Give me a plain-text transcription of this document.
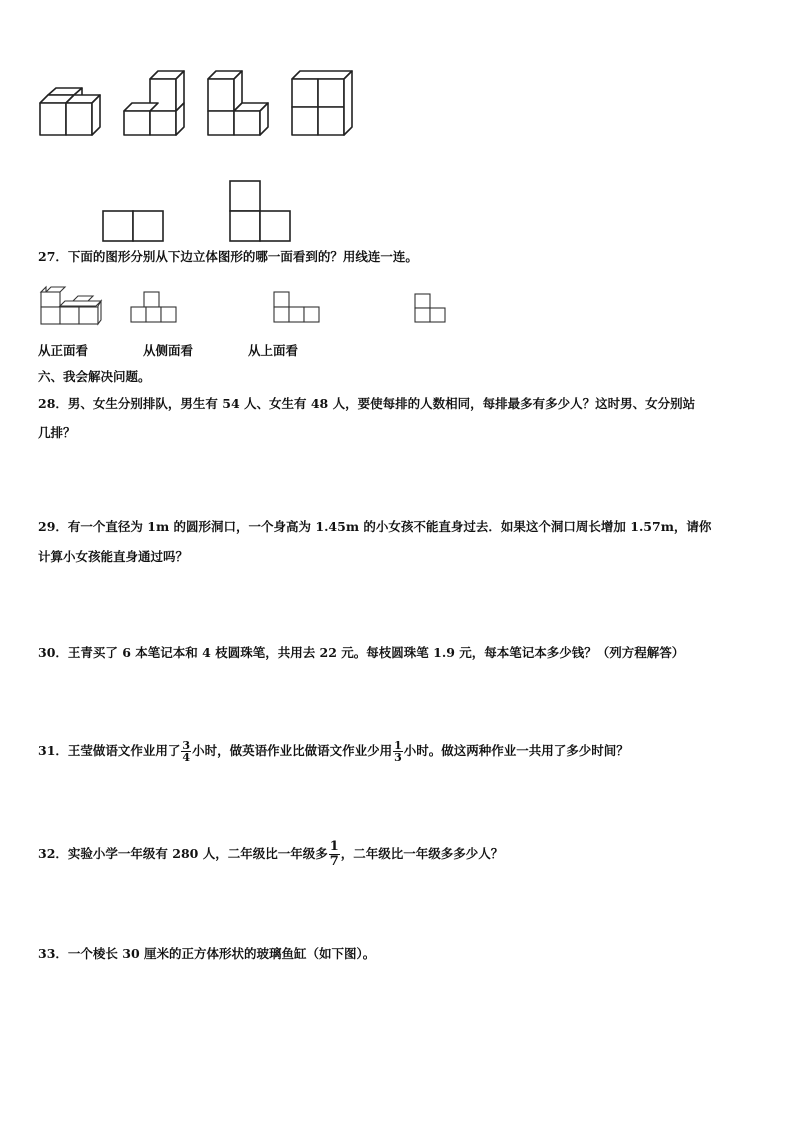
27．下面的图形分别从下边立体图形的哪一面看到的？用线连一连。
从正面看	从侧面看	从上面看
六、我会解决问题。
28．男、女生分别排队，男生有 54 人、女生有 48 人，要使每排的人数相同，每排最多有多少人？这时男、女分别站
几排？
29．有一个直径为 1m 的圆形洞口，一个身高为 1.45m 的小女孩不能直身过去．如果这个洞口周长增加 1.57m，请你
计算小女孩能直身通过吗？
30．王青买了 6 本笔记本和 4 枝圆珠笔，共用去 22 元。每枝圆珠笔 1.9 元，每本笔记本多少钱？（列方程解答）
31．王莹做语文作业用了 $\frac{3}{4}$ 小时，做英语作业比做语文作业少用 $\frac{1}{3}$ 小时。做这两种作业一共用了多少时间？
32．实验小学一年级有 280 人，二年级比一年级多 $\frac{1}{7}$ ，二年级比一年级多多少人？
33．一个棱长 30 厘米的正方体形状的玻璃鱼缸（如下图）。
